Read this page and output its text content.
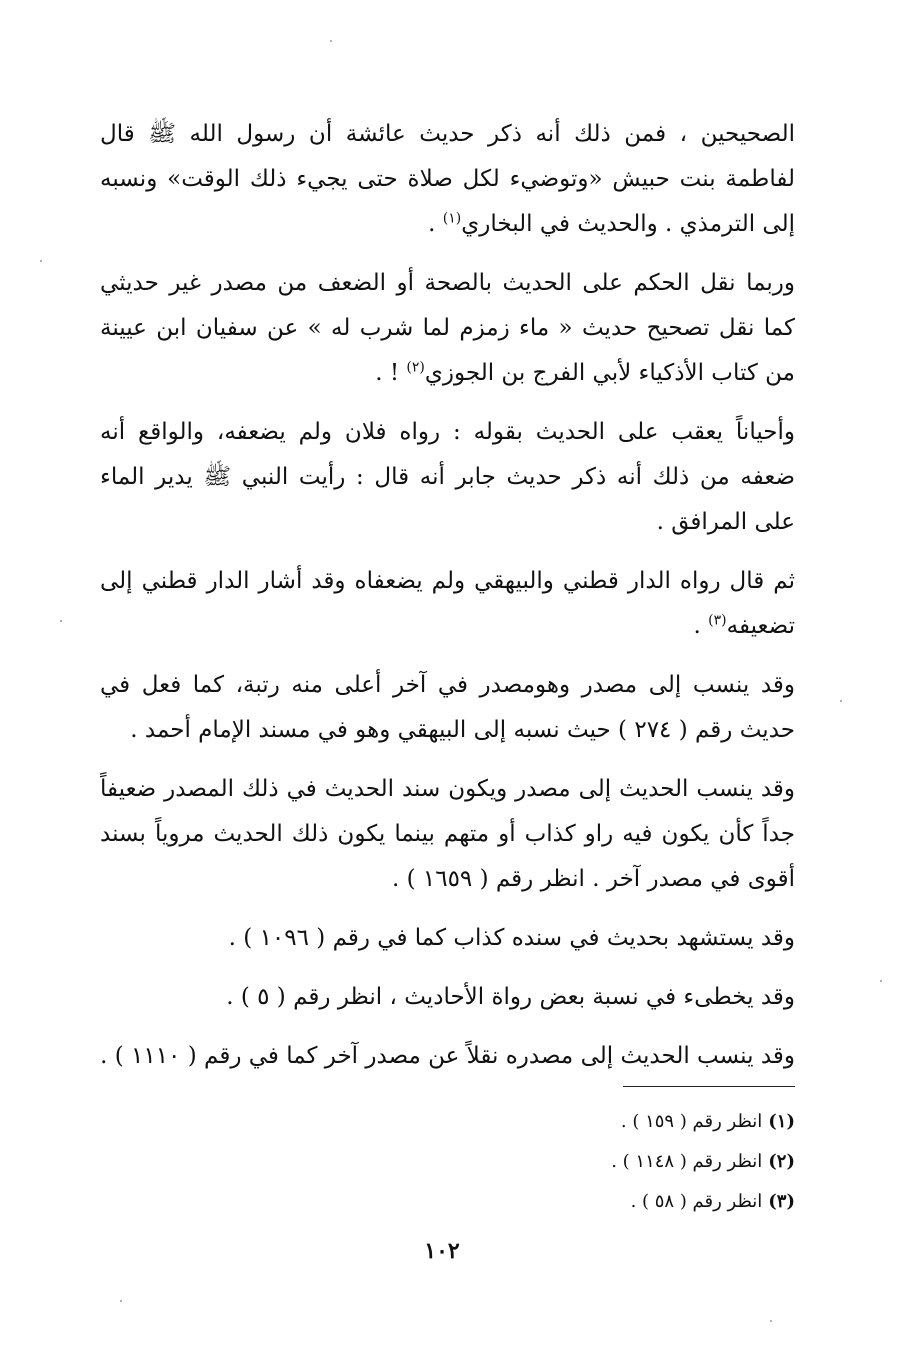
الصحيحين ، فمن ذلك أنه ذكر حديث عائشة أن رسول الله ﷺ قال لفاطمة بنت حبيش «وتوضيء لكل صلاة حتى يجيء ذلك الوقت» ونسبه إلى الترمذي . والحديث في البخاري$^{(١)}$ .

وربما نقل الحكم على الحديث بالصحة أو الضعف من مصدر غير حديثي كما نقل تصحيح حديث « ماء زمزم لما شرب له » عن سفيان ابن عيينة من كتاب الأذكياء لأبي الفرج بن الجوزي$^{(٢)}$ ! .

وأحياناً يعقب على الحديث بقوله : رواه فلان ولم يضعفه، والواقع أنه ضعفه من ذلك أنه ذكر حديث جابر أنه قال : رأيت النبي ﷺ يدير الماء على المرافق .

ثم قال رواه الدار قطني والبيهقي ولم يضعفاه وقد أشار الدار قطني إلى تضعيفه$^{(٣)}$ .

وقد ينسب إلى مصدر وهومصدر في آخر أعلى منه رتبة، كما فعل في حديث رقم ( ٢٧٤ ) حيث نسبه إلى البيهقي وهو في مسند الإمام أحمد .

وقد ينسب الحديث إلى مصدر ويكون سند الحديث في ذلك المصدر ضعيفاً جداً كأن يكون فيه راو كذاب أو متهم بينما يكون ذلك الحديث مروياً بسند أقوى في مصدر آخر . انظر رقم ( ١٦٥٩ ) .

وقد يستشهد بحديث في سنده كذاب كما في رقم ( ١٠٩٦ ) .

وقد يخطىء في نسبة بعض رواة الأحاديث ، انظر رقم ( ٥ ) .

وقد ينسب الحديث إلى مصدره نقلاً عن مصدر آخر كما في رقم ( ١١١٠ ) .

(١)انظر رقم ( ١٥٩ ) .
(٢)انظر رقم ( ١١٤٨ ) .
(٣)انظر رقم ( ٥٨ ) .
١٠٢
